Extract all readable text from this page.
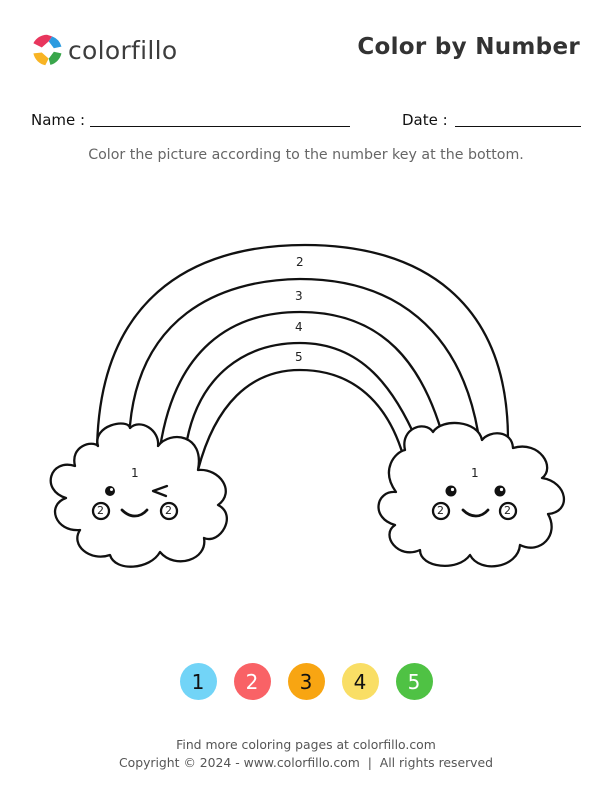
colorfillo	Color by Number
Name :	Date :
Color the picture according to the number key at the bottom.
2
3
4
5
1	1
2	2	2	2
1	2	3	4	5
Find more coloring pages at colorfillo.com
Copyright © 2024 - www.colorfillo.com  |  All rights reserved
